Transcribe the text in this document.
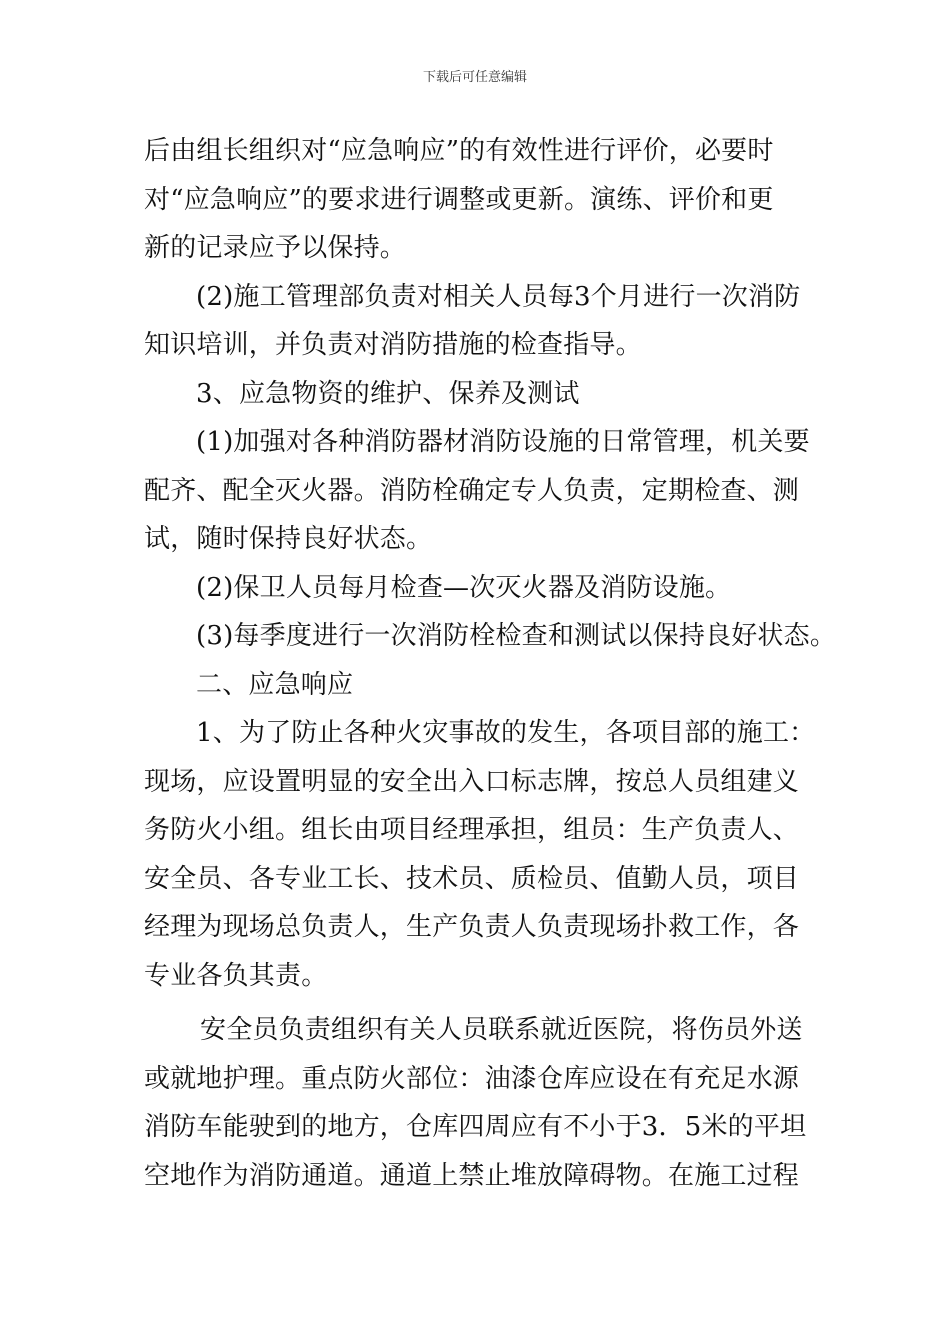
下载后可任意编辑

后由组长组织对“应急响应”的有效性进行评价，必要时

对“应急响应”的要求进行调整或更新。演练、评价和更

新的记录应予以保持。

(2)施工管理部负责对相关人员每3个月进行一次消防

知识培训，并负责对消防措施的检查指导。

3、应急物资的维护、保养及测试

(1)加强对各种消防器材消防设施的日常管理，机关要

配齐、配全灭火器。消防栓确定专人负责，定期检查、测

试，随时保持良好状态。

(2)保卫人员每月检查—次灭火器及消防设施。

(3)每季度进行一次消防栓检查和测试以保持良好状态。

二、应急响应

1、为了防止各种火灾事故的发生，各项目部的施工：

现场，应设置明显的安全出入口标志牌，按总人员组建义

务防火小组。组长由项目经理承担，组员：生产负责人、

安全员、各专业工长、技术员、质检员、值勤人员，项目

经理为现场总负责人，生产负责人负责现场扑救工作，各

专业各负其责。

安全员负责组织有关人员联系就近医院，将伤员外送

或就地护理。重点防火部位：油漆仓库应设在有充足水源

消防车能驶到的地方，仓库四周应有不小于3．5米的平坦

空地作为消防通道。通道上禁止堆放障碍物。在施工过程
